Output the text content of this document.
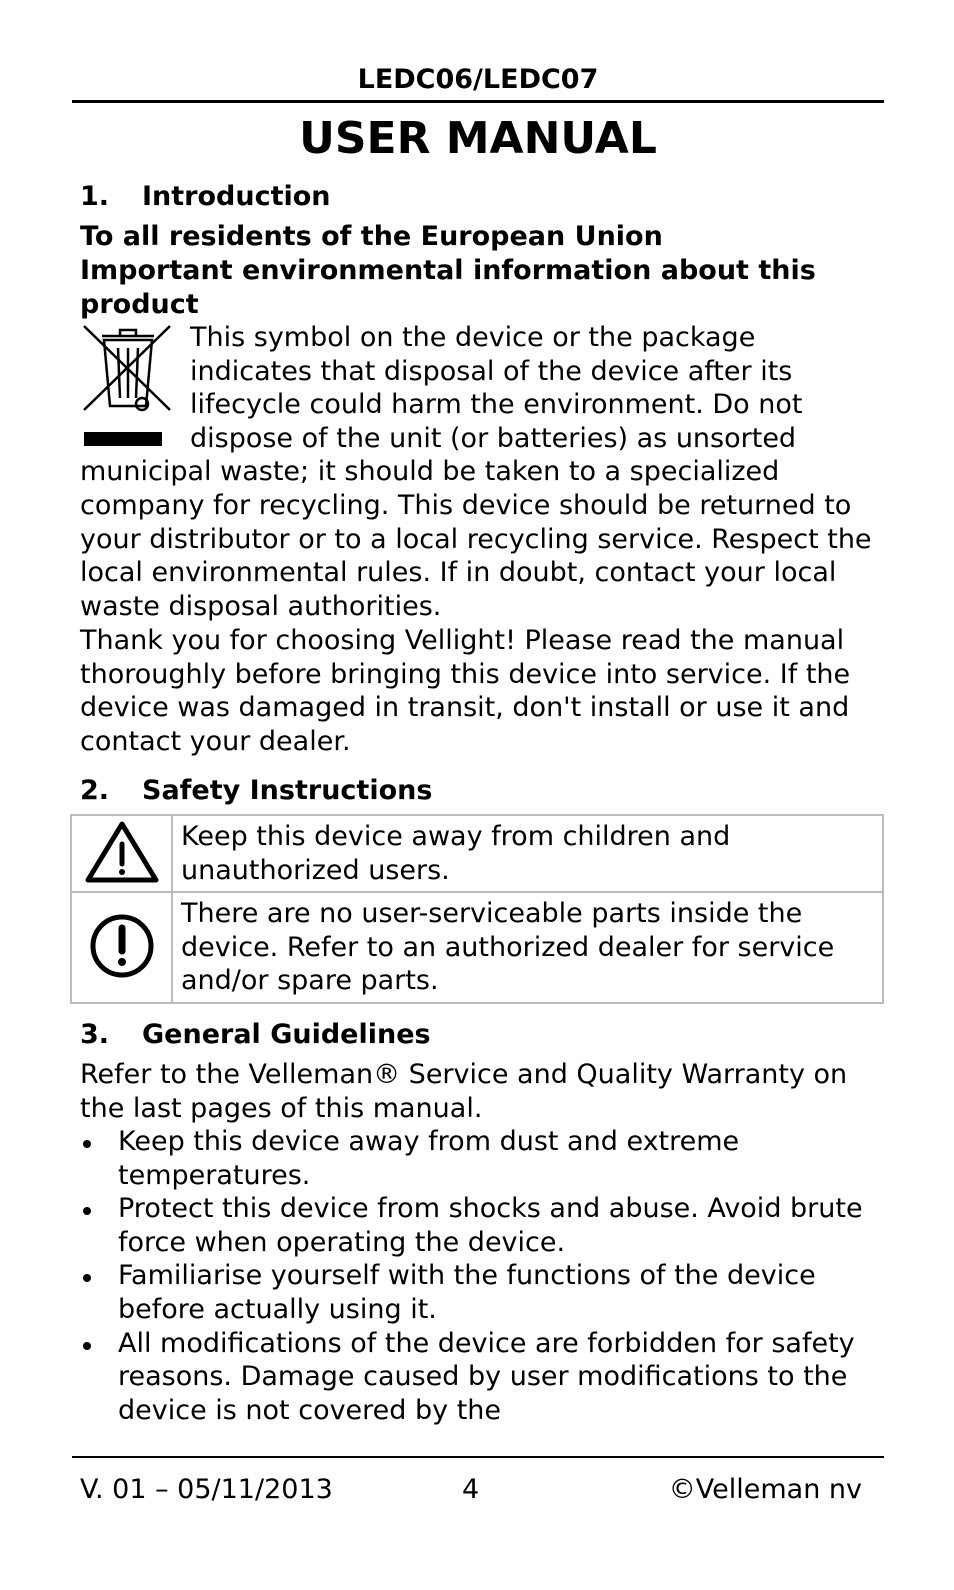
LEDC06/LEDC07
USER MANUAL
1. Introduction
To all residents of the European Union
Important environmental information about this product
This symbol on the device or the package indicates that disposal of the device after its lifecycle could harm the environment. Do not dispose of the unit (or batteries) as unsorted municipal waste; it should be taken to a specialized company for recycling. This device should be returned to your distributor or to a local recycling service. Respect the local environmental rules. If in doubt, contact your local waste disposal authorities.
Thank you for choosing Vellight! Please read the manual thoroughly before bringing this device into service. If the device was damaged in transit, don't install or use it and contact your dealer.
2. Safety Instructions
	Keep this device away from children and unauthorized users.
	There are no user-serviceable parts inside the device. Refer to an authorized dealer for service and/or spare parts.
3. General Guidelines
Refer to the Velleman® Service and Quality Warranty on the last pages of this manual.
Keep this device away from dust and extreme temperatures.
Protect this device from shocks and abuse. Avoid brute force when operating the device.
Familiarise yourself with the functions of the device before actually using it.
All modifications of the device are forbidden for safety reasons. Damage caused by user modifications to the device is not covered by the
V. 01 – 05/11/2013	4	©Velleman nv
